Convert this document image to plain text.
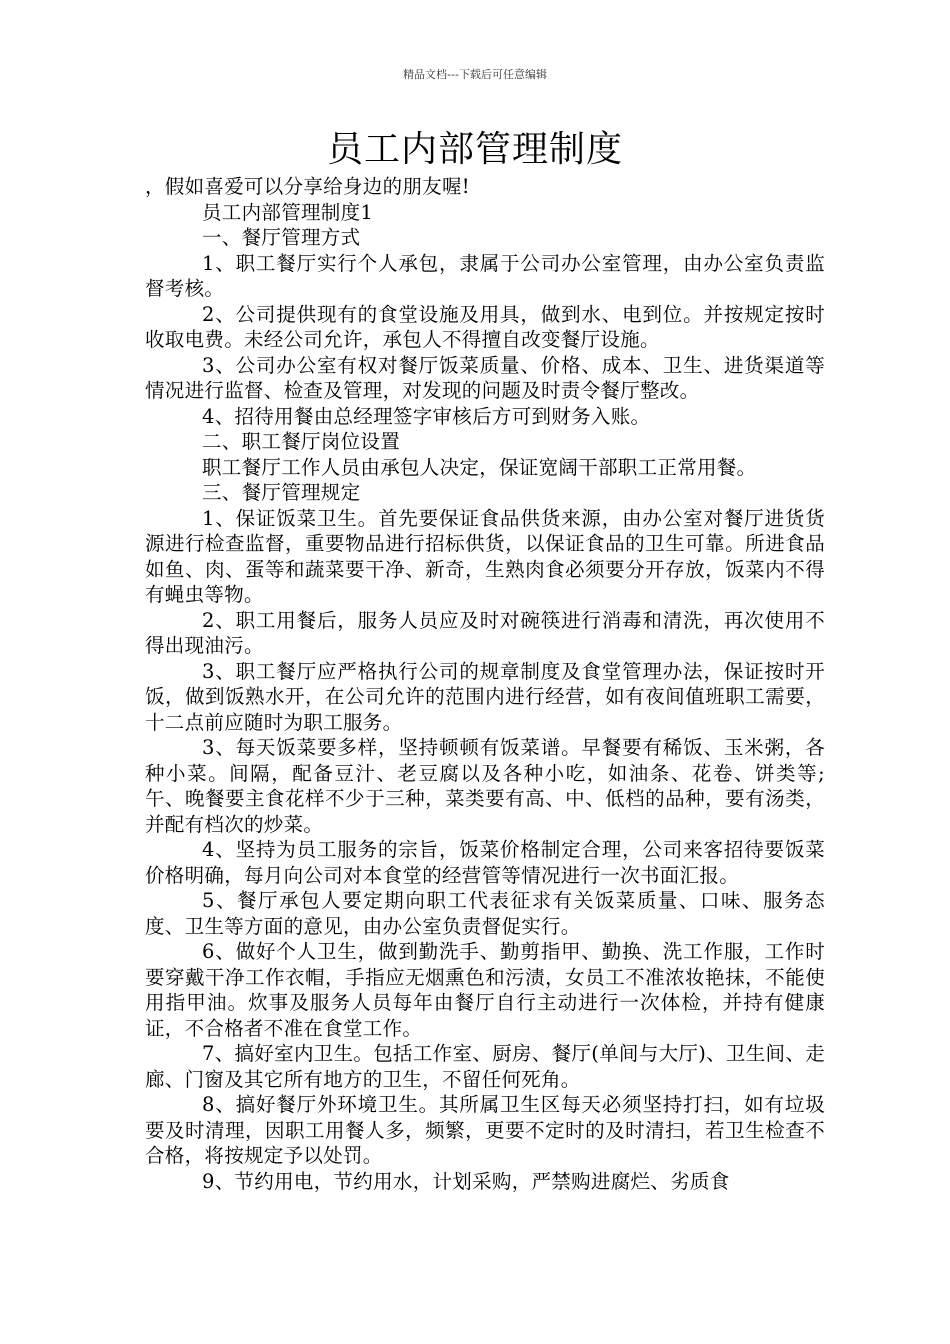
精品文档---下载后可任意编辑
员工内部管理制度

，假如喜爱可以分享给身边的朋友喔!

员工内部管理制度1

一、餐厅管理方式

1、职工餐厅实行个人承包，隶属于公司办公室管理，由办公室负责监督考核。

2、公司提供现有的食堂设施及用具，做到水、电到位。并按规定按时收取电费。未经公司允许，承包人不得擅自改变餐厅设施。

3、公司办公室有权对餐厅饭菜质量、价格、成本、卫生、进货渠道等情况进行监督、检查及管理，对发现的问题及时责令餐厅整改。

4、招待用餐由总经理签字审核后方可到财务入账。

二、职工餐厅岗位设置

职工餐厅工作人员由承包人决定，保证宽阔干部职工正常用餐。

三、餐厅管理规定

1、保证饭菜卫生。首先要保证食品供货来源，由办公室对餐厅进货货源进行检查监督，重要物品进行招标供货，以保证食品的卫生可靠。所进食品如鱼、肉、蛋等和蔬菜要干净、新奇，生熟肉食必须要分开存放，饭菜内不得有蝇虫等物。

2、职工用餐后，服务人员应及时对碗筷进行消毒和清洗，再次使用不得出现油污。

3、职工餐厅应严格执行公司的规章制度及食堂管理办法，保证按时开饭，做到饭熟水开，在公司允许的范围内进行经营，如有夜间值班职工需要，十二点前应随时为职工服务。

3、每天饭菜要多样，坚持顿顿有饭菜谱。早餐要有稀饭、玉米粥，各种小菜。间隔，配备豆汁、老豆腐以及各种小吃，如油条、花卷、饼类等;午、晚餐要主食花样不少于三种，菜类要有高、中、低档的品种，要有汤类，并配有档次的炒菜。

4、坚持为员工服务的宗旨，饭菜价格制定合理，公司来客招待要饭菜价格明确，每月向公司对本食堂的经营管等情况进行一次书面汇报。

5、餐厅承包人要定期向职工代表征求有关饭菜质量、口味、服务态度、卫生等方面的意见，由办公室负责督促实行。

6、做好个人卫生，做到勤洗手、勤剪指甲、勤换、洗工作服，工作时要穿戴干净工作衣帽，手指应无烟熏色和污渍，女员工不准浓妆艳抹，不能使用指甲油。炊事及服务人员每年由餐厅自行主动进行一次体检，并持有健康证，不合格者不准在食堂工作。

7、搞好室内卫生。包括工作室、厨房、餐厅(单间与大厅)、卫生间、走廊、门窗及其它所有地方的卫生，不留任何死角。

8、搞好餐厅外环境卫生。其所属卫生区每天必须坚持打扫，如有垃圾要及时清理，因职工用餐人多，频繁，更要不定时的及时清扫，若卫生检查不合格，将按规定予以处罚。

9、节约用电，节约用水，计划采购，严禁购进腐烂、劣质食
